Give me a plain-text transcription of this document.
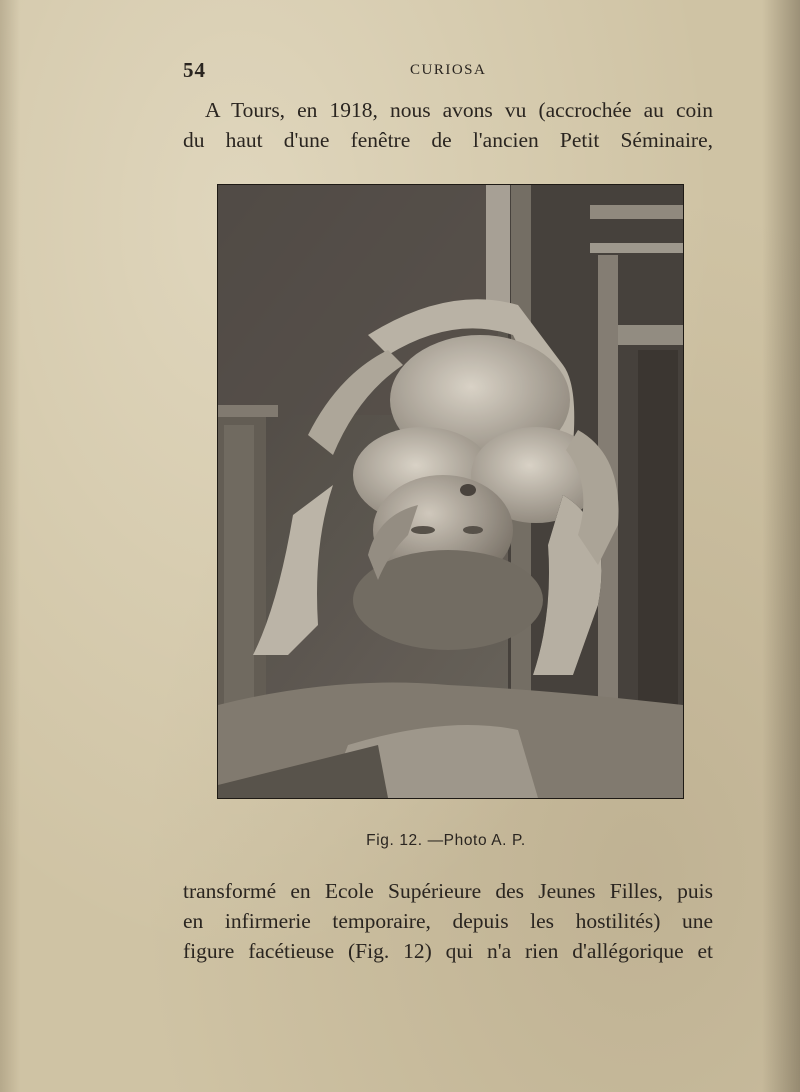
54	CURIOSA

A Tours, en 1918, nous avons vu (accrochée au coin
du haut d'une fenêtre de l'ancien Petit Séminaire,

Fig. 12. —Photo A. P.

transformé en Ecole Supérieure des Jeunes Filles, puis
en infirmerie temporaire, depuis les hostilités) une
figure facétieuse (Fig. 12) qui n'a rien d'allégorique et
